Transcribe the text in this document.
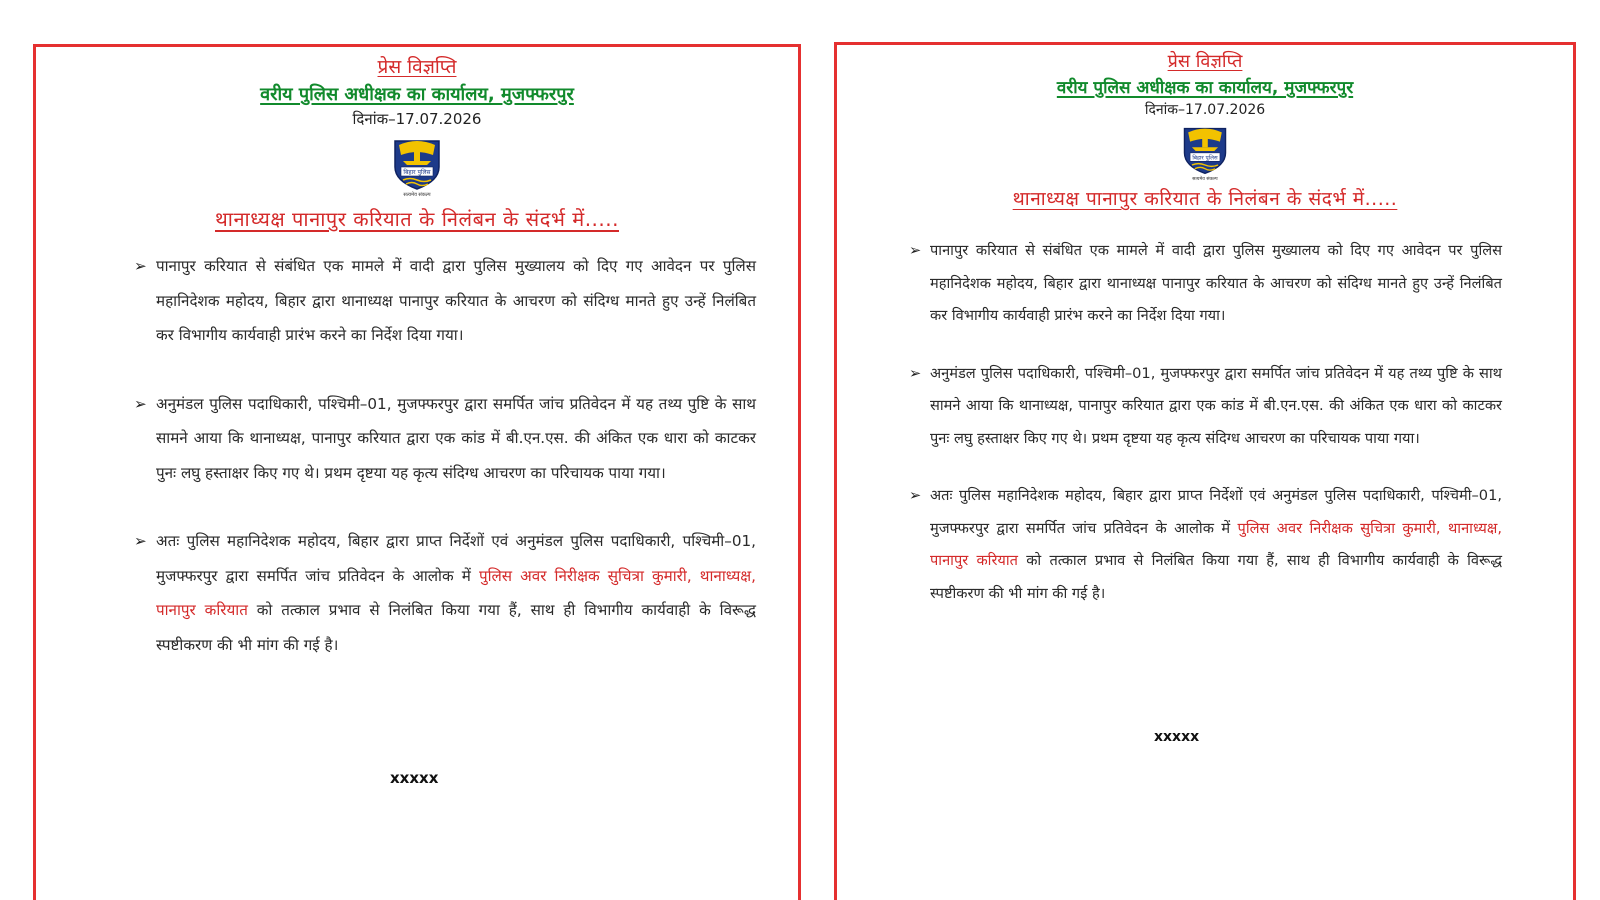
प्रेस विज्ञप्ति
वरीय पुलिस अधीक्षक का कार्यालय, मुजफ्फरपुर
दिनांक–17.07.2026
बिहार पुलिस
सत्यमेव संकल्प
थानाध्यक्ष पानापुर करियात के निलंबन के संदर्भ में.....
➢ पानापुर करियात से संबंधित एक मामले में वादी द्वारा पुलिस मुख्यालय को दिए गए आवेदन पर पुलिस महानिदेशक महोदय, बिहार द्वारा थानाध्यक्ष पानापुर करियात के आचरण को संदिग्ध मानते हुए उन्हें निलंबित कर विभागीय कार्यवाही प्रारंभ करने का निर्देश दिया गया।
➢ अनुमंडल पुलिस पदाधिकारी, पश्चिमी–01, मुजफ्फरपुर द्वारा समर्पित जांच प्रतिवेदन में यह तथ्य पुष्टि के साथ सामने आया कि थानाध्यक्ष, पानापुर करियात द्वारा एक कांड में बी.एन.एस. की अंकित एक धारा को काटकर पुनः लघु हस्ताक्षर किए गए थे। प्रथम दृष्टया यह कृत्य संदिग्ध आचरण का परिचायक पाया गया।
➢ अतः पुलिस महानिदेशक महोदय, बिहार द्वारा प्राप्त निर्देशों एवं अनुमंडल पुलिस पदाधिकारी, पश्चिमी–01, मुजफ्फरपुर द्वारा समर्पित जांच प्रतिवेदन के आलोक में पुलिस अवर निरीक्षक सुचित्रा कुमारी, थानाध्यक्ष, पानापुर करियात को तत्काल प्रभाव से निलंबित किया गया हैं, साथ ही विभागीय कार्यवाही के विरूद्ध स्पष्टीकरण की भी मांग की गई है।
xxxxx
प्रेस विज्ञप्ति
वरीय पुलिस अधीक्षक का कार्यालय, मुजफ्फरपुर
दिनांक–17.07.2026
बिहार पुलिस
सत्यमेव संकल्प
थानाध्यक्ष पानापुर करियात के निलंबन के संदर्भ में.....
➢ पानापुर करियात से संबंधित एक मामले में वादी द्वारा पुलिस मुख्यालय को दिए गए आवेदन पर पुलिस महानिदेशक महोदय, बिहार द्वारा थानाध्यक्ष पानापुर करियात के आचरण को संदिग्ध मानते हुए उन्हें निलंबित कर विभागीय कार्यवाही प्रारंभ करने का निर्देश दिया गया।
➢ अनुमंडल पुलिस पदाधिकारी, पश्चिमी–01, मुजफ्फरपुर द्वारा समर्पित जांच प्रतिवेदन में यह तथ्य पुष्टि के साथ सामने आया कि थानाध्यक्ष, पानापुर करियात द्वारा एक कांड में बी.एन.एस. की अंकित एक धारा को काटकर पुनः लघु हस्ताक्षर किए गए थे। प्रथम दृष्टया यह कृत्य संदिग्ध आचरण का परिचायक पाया गया।
➢ अतः पुलिस महानिदेशक महोदय, बिहार द्वारा प्राप्त निर्देशों एवं अनुमंडल पुलिस पदाधिकारी, पश्चिमी–01, मुजफ्फरपुर द्वारा समर्पित जांच प्रतिवेदन के आलोक में पुलिस अवर निरीक्षक सुचित्रा कुमारी, थानाध्यक्ष, पानापुर करियात को तत्काल प्रभाव से निलंबित किया गया हैं, साथ ही विभागीय कार्यवाही के विरूद्ध स्पष्टीकरण की भी मांग की गई है।
xxxxx
